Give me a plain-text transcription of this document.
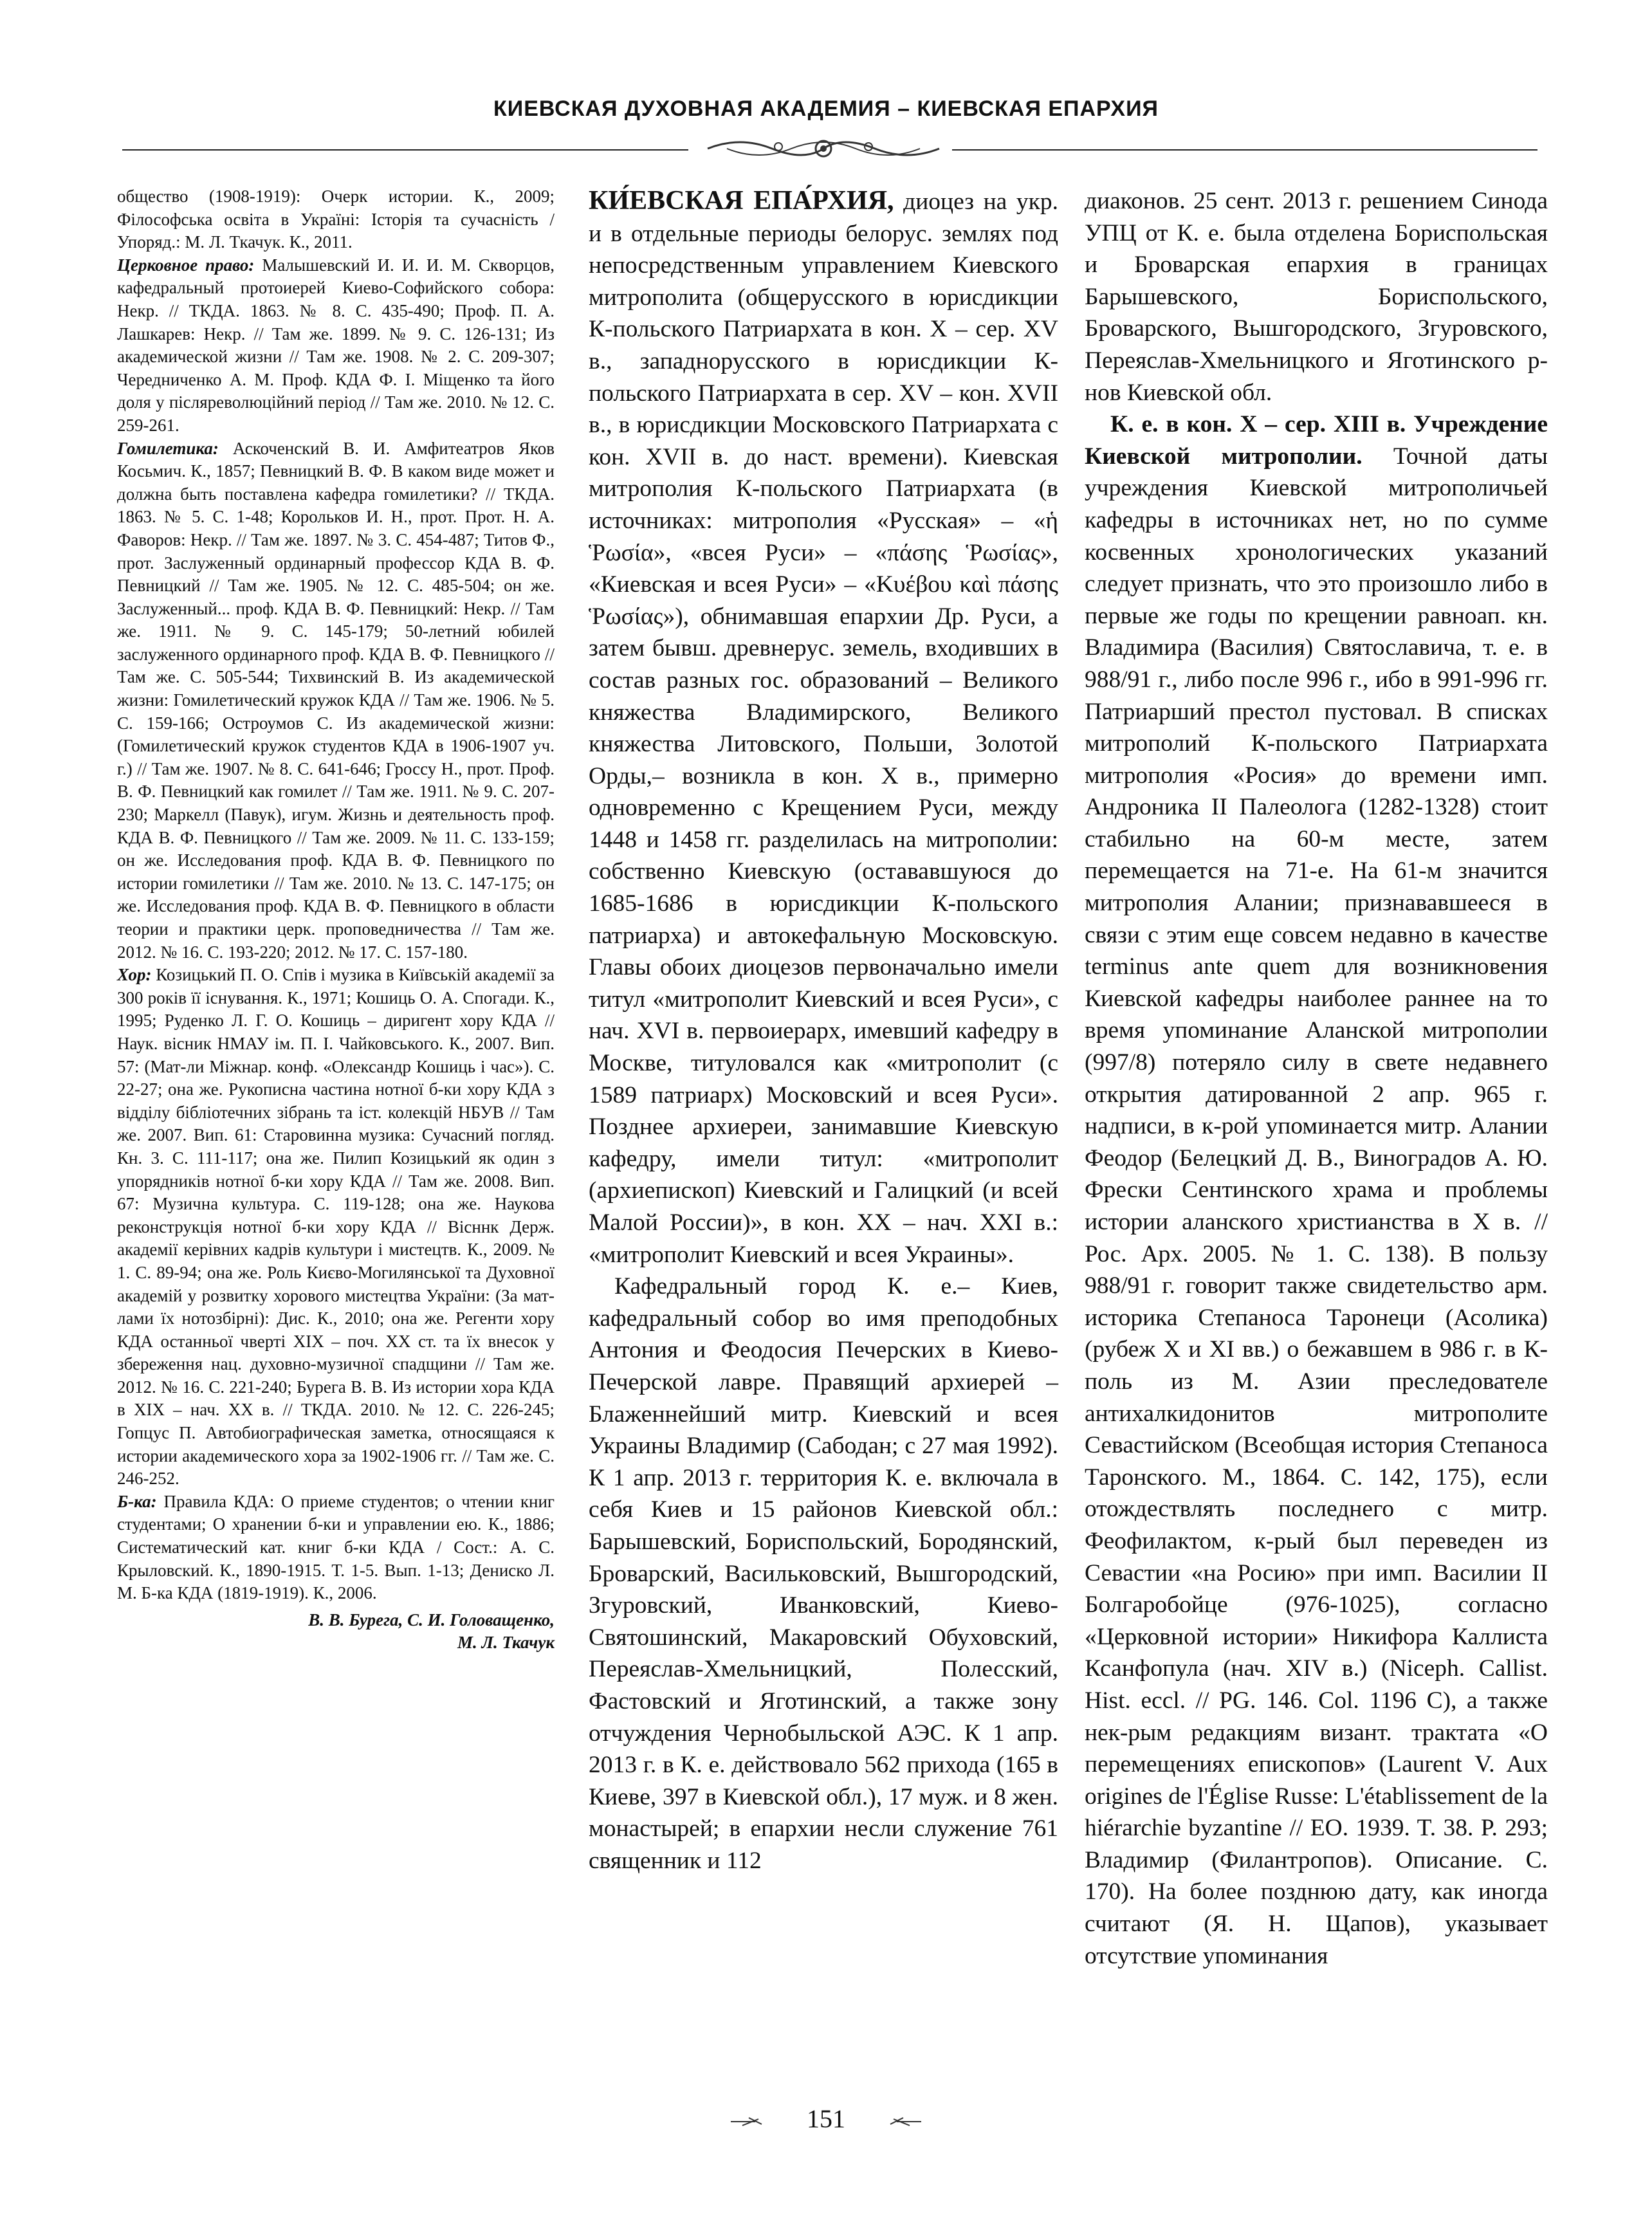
КИЕВСКАЯ ДУХОВНАЯ АКАДЕМИЯ – КИЕВСКАЯ ЕПАРХИЯ

общество (1908-1919): Очерк истории. К., 2009; Філософська освіта в Україні: Історія та сучасність / Упоряд.: М. Л. Ткачук. К., 2011.

Церковное право: Малышевский И. И. И. М. Скворцов, кафедральный протоиерей Киево-Софийского собора: Некр. // ТКДА. 1863. № 8. С. 435-490; Проф. П. А. Лашкарев: Некр. // Там же. 1899. № 9. С. 126-131; Из академической жизни // Там же. 1908. № 2. С. 209-307; Чередниченко А. М. Проф. КДА Ф. І. Міщенко та його доля у післяреволюційний період // Там же. 2010. № 12. С. 259-261.

Гомилетика: Аскоченский В. И. Амфитеатров Яков Косьмич. К., 1857; Певницкий В. Ф. В каком виде может и должна быть поставлена кафедра гомилетики? // ТКДА. 1863. № 5. С. 1-48; Корольков И. Н., прот. Прот. Н. А. Фаворов: Некр. // Там же. 1897. № 3. С. 454-487; Титов Ф., прот. Заслуженный ординарный профессор КДА В. Ф. Певницкий // Там же. 1905. № 12. С. 485-504; он же. Заслуженный... проф. КДА В. Ф. Певницкий: Некр. // Там же. 1911. № 9. С. 145-179; 50-летний юбилей заслуженного ординарного проф. КДА В. Ф. Певницкого // Там же. С. 505-544; Тихвинский В. Из академической жизни: Гомилетический кружок КДА // Там же. 1906. № 5. С. 159-166; Остроумов С. Из академической жизни: (Гомилетический кружок студентов КДА в 1906-1907 уч. г.) // Там же. 1907. № 8. С. 641-646; Гроссу Н., прот. Проф. В. Ф. Певницкий как гомилет // Там же. 1911. № 9. С. 207-230; Маркелл (Павук), игум. Жизнь и деятельность проф. КДА В. Ф. Певницкого // Там же. 2009. № 11. С. 133-159; он же. Исследования проф. КДА В. Ф. Певницкого по истории гомилетики // Там же. 2010. № 13. С. 147-175; он же. Исследования проф. КДА В. Ф. Певницкого в области теории и практики церк. проповедничества // Там же. 2012. № 16. С. 193-220; 2012. № 17. С. 157-180.

Хор: Козицький П. О. Спів і музика в Київській академії за 300 років її існування. К., 1971; Кошиць О. А. Спогади. К., 1995; Руденко Л. Г. О. Кошиць – диригент хору КДА // Наук. вісник НМАУ ім. П. І. Чайковського. К., 2007. Вип. 57: (Мат-ли Міжнар. конф. «Олександр Кошиць і час»). С. 22-27; она же. Рукописна частина нотної б-ки хору КДА з відділу бібліотечних зібрань та іст. колекцій НБУВ // Там же. 2007. Вип. 61: Старовинна музика: Сучасний погляд. Кн. 3. С. 111-117; она же. Пилип Козицький як один з упорядників нотної б-ки хору КДА // Там же. 2008. Вип. 67: Музична культура. С. 119-128; она же. Наукова реконструкція нотної б-ки хору КДА // Вісннк Держ. академії керівних кадрів культури і мистецтв. К., 2009. № 1. С. 89-94; она же. Роль Києво-Могилянської та Духовної академій у розвитку хорового мистецтва України: (За мат-лами їх нотозбірні): Дис. К., 2010; она же. Регенти хору КДА останньої чверті XIX – поч. XX ст. та їх внесок у збереження нац. духовно-музичної спадщини // Там же. 2012. № 16. С. 221-240; Бурега В. В. Из истории хора КДА в XIX – нач. XX в. // ТКДА. 2010. № 12. С. 226-245; Гопцус П. Автобиографическая заметка, относящаяся к истории академического хора за 1902-1906 гг. // Там же. С. 246-252.

Б-ка: Правила КДА: О приеме студентов; о чтении книг студентами; О хранении б-ки и управлении ею. К., 1886; Систематический кат. книг б-ки КДА / Сост.: А. С. Крыловский. К., 1890-1915. Т. 1-5. Вып. 1-13; Дениско Л. М. Б-ка КДА (1819-1919). К., 2006.

В. В. Бурега, С. И. Головащенко,
М. Л. Ткачук

КИ́ЕВСКАЯ ЕПА́РХИЯ, диоцез на укр. и в отдельные периоды белорус. землях под непосредственным управлением Киевского митрополита (общерусского в юрисдикции К-польского Патриархата в кон. X – сер. XV в., западнорусского в юрисдикции К-польского Патриархата в сер. XV – кон. XVII в., в юрисдикции Московского Патриархата с кон. XVII в. до наст. времени). Киевская митрополия К-польского Патриархата (в источниках: митрополия «Русская» – «ἡ Ῥωσία», «всея Руси» – «πάσης Ῥωσίας», «Киевская и всея Руси» – «Κυέβου καὶ πάσης Ῥωσίας»), обнимавшая епархии Др. Руси, а затем бывш. древнерус. земель, входивших в состав разных гос. образований – Великого княжества Владимирского, Великого княжества Литовского, Польши, Золотой Орды,– возникла в кон. X в., примерно одновременно с Крещением Руси, между 1448 и 1458 гг. разделилась на митрополии: собственно Киевскую (остававшуюся до 1685-1686 в юрисдикции К-польского патриарха) и автокефальную Московскую. Главы обоих диоцезов первоначально имели титул «митрополит Киевский и всея Руси», с нач. XVI в. первоиерарх, имевший кафедру в Москве, титуловался как «митрополит (с 1589 патриарх) Московский и всея Руси». Позднее архиереи, занимавшие Киевскую кафедру, имели титул: «митрополит (архиепископ) Киевский и Галицкий (и всей Малой России)», в кон. XX – нач. XXI в.: «митрополит Киевский и всея Украины».

Кафедральный город К. е.– Киев, кафедральный собор во имя преподобных Антония и Феодосия Печерских в Киево-Печерской лавре. Правящий архиерей – Блаженнейший митр. Киевский и всея Украины Владимир (Сабодан; с 27 мая 1992). К 1 апр. 2013 г. территория К. е. включала в себя Киев и 15 районов Киевской обл.: Барышевский, Бориспольский, Бородянский, Броварский, Васильковский, Вышгородский, Згуровский, Иванковский, Киево-Святошинский, Макаровский Обуховский, Переяслав-Хмельницкий, Полесский, Фастовский и Яготинский, а также зону отчуждения Чернобыльской АЭС. К 1 апр. 2013 г. в К. е. действовало 562 прихода (165 в Киеве, 397 в Киевской обл.), 17 муж. и 8 жен. монастырей; в епархии несли служение 761 священник и 112

диаконов. 25 сент. 2013 г. решением Синода УПЦ от К. е. была отделена Бориспольская и Броварская епархия в границах Барышевского, Бориспольского, Броварского, Вышгородского, Згуровского, Переяслав-Хмельницкого и Яготинского р-нов Киевской обл.

К. е. в кон. X – сер. XIII в. Учреждение Киевской митрополии. Точной даты учреждения Киевской митрополичьей кафедры в источниках нет, но по сумме косвенных хронологических указаний следует признать, что это произошло либо в первые же годы по крещении равноап. кн. Владимира (Василия) Святославича, т. е. в 988/91 г., либо после 996 г., ибо в 991-996 гг. Патриарший престол пустовал. В списках митрополий К-польского Патриархата митрополия «Росия» до времени имп. Андроника II Палеолога (1282-1328) стоит стабильно на 60-м месте, затем перемещается на 71-е. На 61-м значится митрополия Алании; признававшееся в связи с этим еще совсем недавно в качестве terminus ante quem для возникновения Киевской кафедры наиболее раннее на то время упоминание Аланской митрополии (997/8) потеряло силу в свете недавнего открытия датированной 2 апр. 965 г. надписи, в к-рой упоминается митр. Алании Феодор (Белецкий Д. В., Виноградов А. Ю. Фрески Сентинского храма и проблемы истории аланского христианства в X в. // Рос. Арх. 2005. № 1. С. 138). В пользу 988/91 г. говорит также свидетельство арм. историка Степаноса Таронеци (Асолика) (рубеж X и XI вв.) о бежавшем в 986 г. в К-поль из М. Азии преследователе антихалкидонитов митрополите Севастийском (Всеобщая история Степаноса Таронского. М., 1864. С. 142, 175), если отождествлять последнего с митр. Феофилактом, к-рый был переведен из Севастии «на Росию» при имп. Василии II Болгаробойце (976-1025), согласно «Церковной истории» Никифора Каллиста Ксанфопула (нач. XIV в.) (Niceph. Callist. Hist. eccl. // PG. 146. Col. 1196 C), а также нек-рым редакциям визант. трактата «О перемещениях епископов» (Laurent V. Aux origines de l'Église Russe: L'établissement de la hiérarchie byzantine // EO. 1939. T. 38. P. 293; Владимир (Филантропов). Описание. С. 170). На более позднюю дату, как иногда считают (Я. Н. Щапов), указывает отсутствие упоминания

151
